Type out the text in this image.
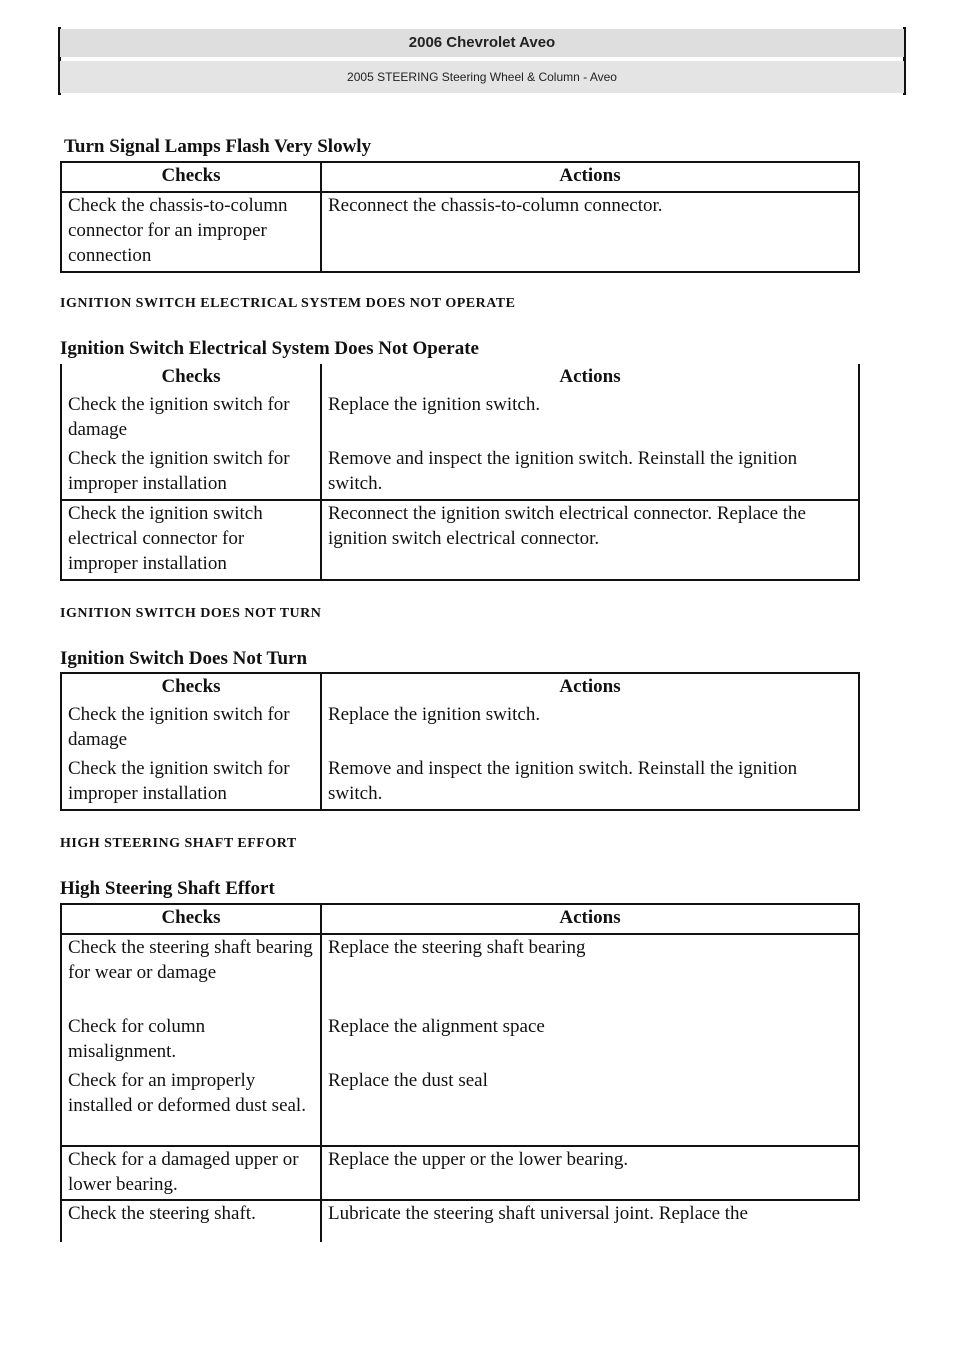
2006 Chevrolet Aveo
2005 STEERING Steering Wheel & Column - Aveo
Turn Signal Lamps Flash Very Slowly
Checks	Actions
Check the chassis-to-column connector for an improper connection	Reconnect the chassis-to-column connector.
IGNITION SWITCH ELECTRICAL SYSTEM DOES NOT OPERATE
Ignition Switch Electrical System Does Not Operate
Checks	Actions
Check the ignition switch for damage	Replace the ignition switch.
Check the ignition switch for improper installation	Remove and inspect the ignition switch. Reinstall the ignition switch.
Check the ignition switch electrical connector for improper installation	Reconnect the ignition switch electrical connector. Replace the ignition switch electrical connector.
IGNITION SWITCH DOES NOT TURN
Ignition Switch Does Not Turn
Checks	Actions
Check the ignition switch for damage	Replace the ignition switch.
Check the ignition switch for improper installation	Remove and inspect the ignition switch. Reinstall the ignition switch.
HIGH STEERING SHAFT EFFORT
High Steering Shaft Effort
Checks	Actions
Check the steering shaft bearing for wear or damage	Replace the steering shaft bearing
Check for column misalignment.	Replace the alignment space
Check for an improperly installed or deformed dust seal.	Replace the dust seal
Check for a damaged upper or lower bearing.	Replace the upper or the lower bearing.
Check the steering shaft.	Lubricate the steering shaft universal joint. Replace the
